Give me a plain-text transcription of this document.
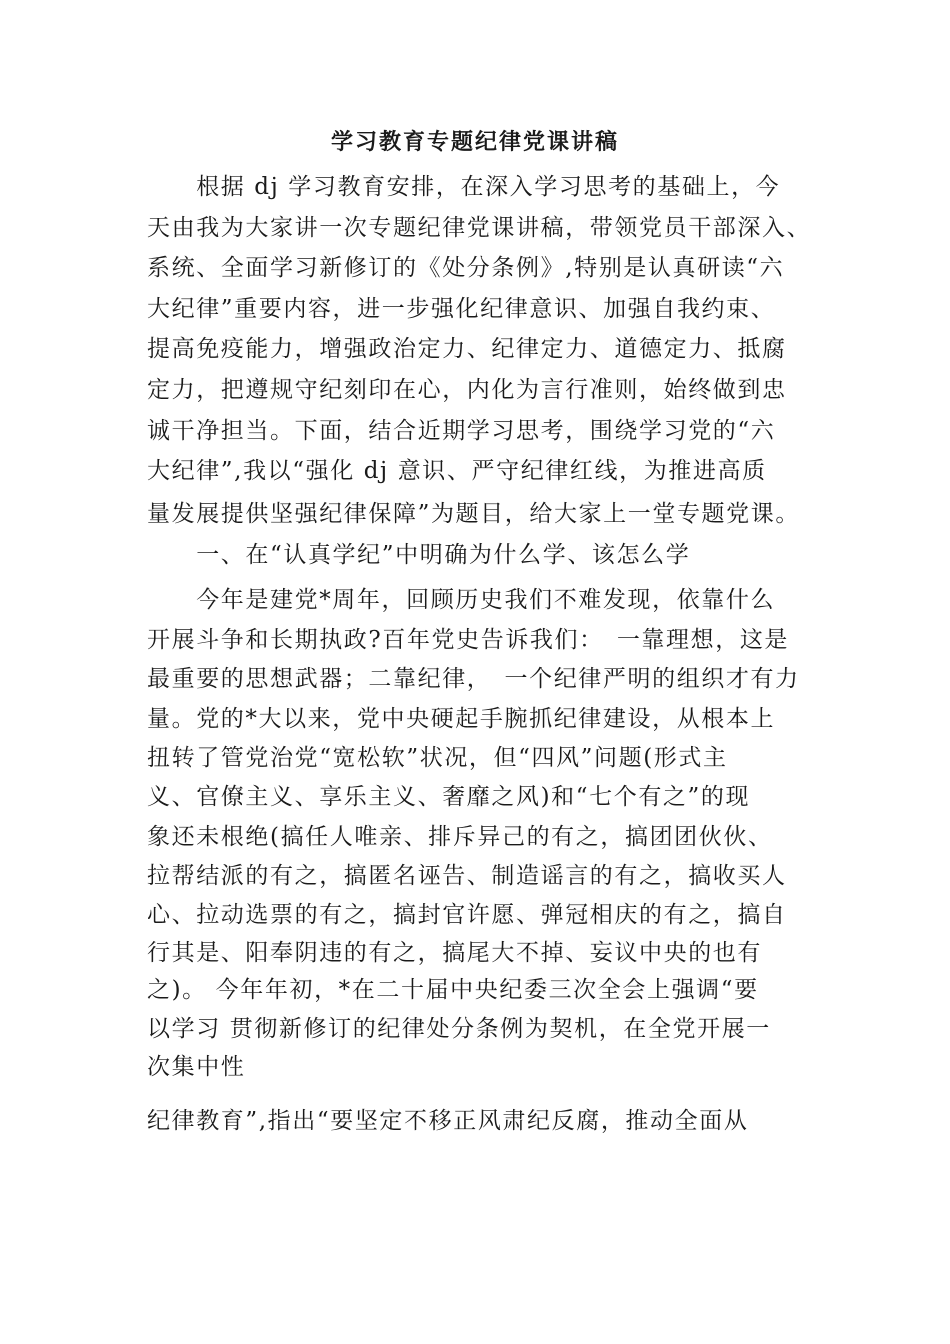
学习教育专题纪律党课讲稿
　　根据 dj 学习教育安排，在深入学习思考的基础上，今
天由我为大家讲一次专题纪律党课讲稿，带领党员干部深入、
系统、全面学习新修订的《处分条例》,特别是认真研读“六
大纪律”重要内容，进一步强化纪律意识、加强自我约束、
提高免疫能力，增强政治定力、纪律定力、道德定力、抵腐
定力，把遵规守纪刻印在心，内化为言行准则，始终做到忠
诚干净担当。下面，结合近期学习思考，围绕学习党的“六
大纪律”,我以“强化 dj 意识、严守纪律红线，为推进高质
量发展提供坚强纪律保障”为题目，给大家上一堂专题党课。
　　一、在“认真学纪”中明确为什么学、该怎么学
　　今年是建党*周年，回顾历史我们不难发现，依靠什么
开展斗争和长期执政?百年党史告诉我们：　一靠理想，这是
最重要的思想武器；二靠纪律，　一个纪律严明的组织才有力
量。党的*大以来，党中央硬起手腕抓纪律建设，从根本上
扭转了管党治党“宽松软”状况，但“四风”问题(形式主
义、官僚主义、享乐主义、奢靡之风)和“七个有之”的现
象还未根绝(搞任人唯亲、排斥异己的有之，搞团团伙伙、
拉帮结派的有之，搞匿名诬告、制造谣言的有之，搞收买人
心、拉动选票的有之，搞封官许愿、弹冠相庆的有之，搞自
行其是、阳奉阴违的有之，搞尾大不掉、妄议中央的也有
之)。 今年年初，*在二十届中央纪委三次全会上强调“要
以学习 贯彻新修订的纪律处分条例为契机，在全党开展一
次集中性
纪律教育”,指出“要坚定不移正风肃纪反腐，推动全面从
